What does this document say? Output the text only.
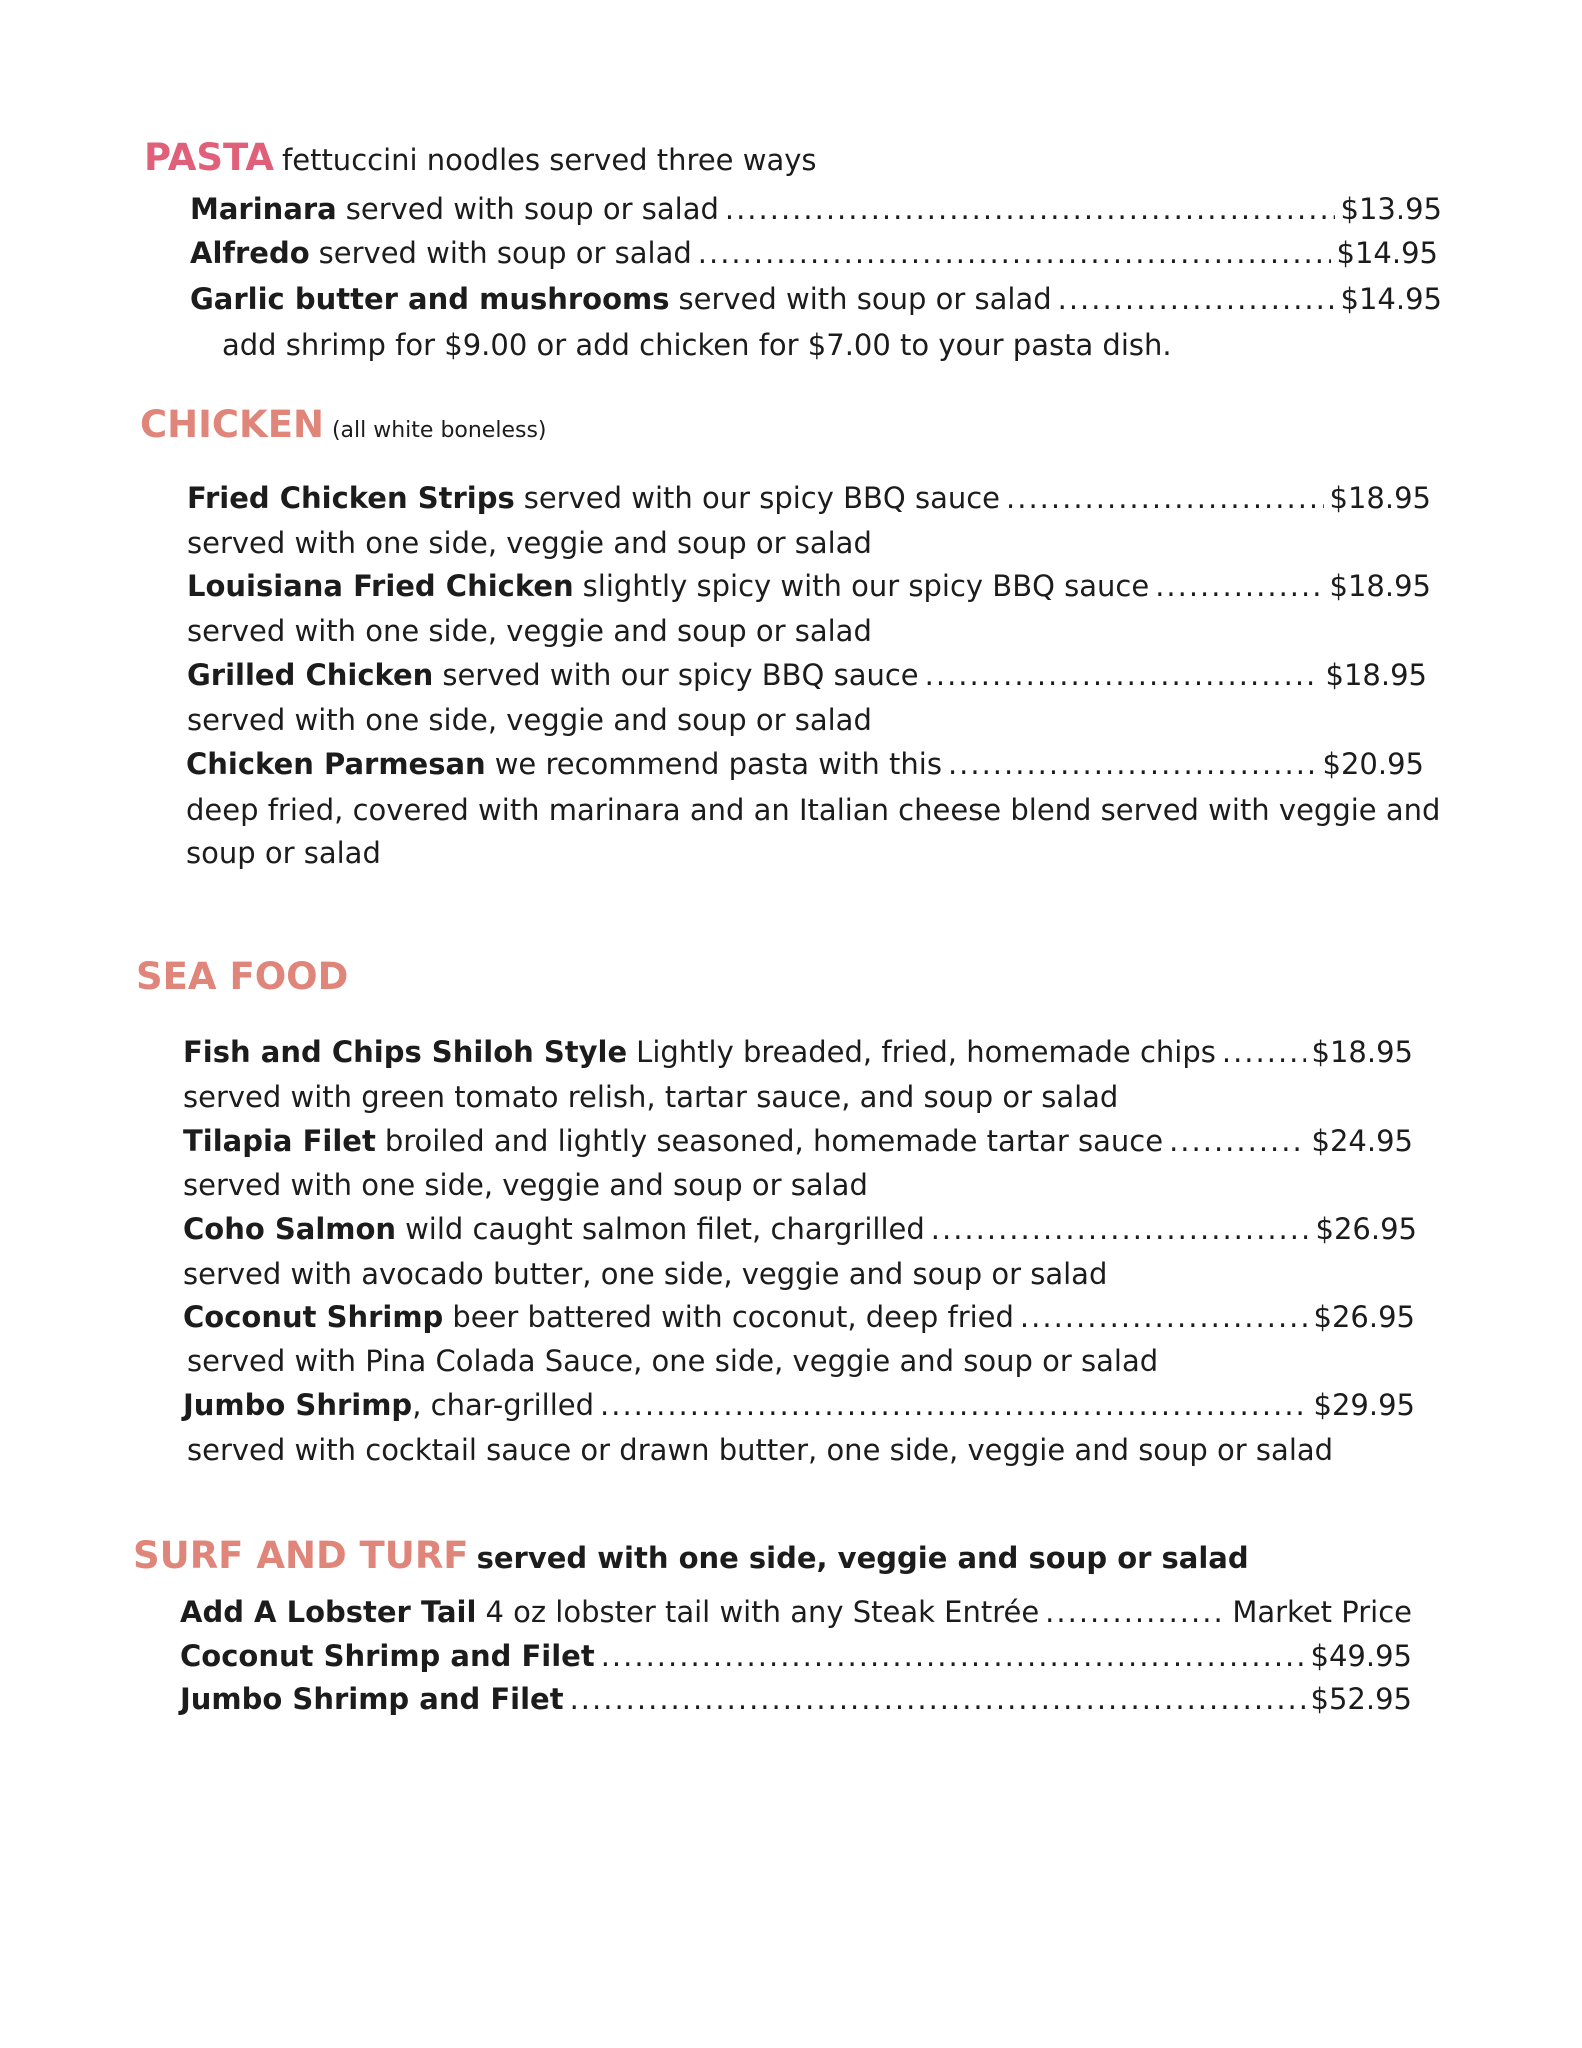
PASTA fettuccini noodles served three ways
Marinara served with soup or salad .....	$13.95
Alfredo served with soup or salad .....	$14.95
Garlic butter and mushrooms served with soup or salad .....	$14.95
add shrimp for $9.00 or add chicken for $7.00 to your pasta dish.
CHICKEN (all white boneless)
Fried Chicken Strips served with our spicy BBQ sauce .....	$18.95
served with one side, veggie and soup or salad
Louisiana Fried Chicken slightly spicy with our spicy BBQ sauce .....	$18.95
served with one side, veggie and soup or salad
Grilled Chicken served with our spicy BBQ sauce .....	$18.95
served with one side, veggie and soup or salad
Chicken Parmesan we recommend pasta with this .....	$20.95
deep fried, covered with marinara and an Italian cheese blend served with veggie and
soup or salad
SEA FOOD
Fish and Chips Shiloh Style Lightly breaded, fried, homemade chips .....	$18.95
served with green tomato relish, tartar sauce, and soup or salad
Tilapia Filet broiled and lightly seasoned, homemade tartar sauce .....	$24.95
served with one side, veggie and soup or salad
Coho Salmon wild caught salmon filet, chargrilled .....	$26.95
served with avocado butter, one side, veggie and soup or salad
Coconut Shrimp beer battered with coconut, deep fried .....	$26.95
served with Pina Colada Sauce, one side, veggie and soup or salad
Jumbo Shrimp , char-grilled .....	$29.95
served with cocktail sauce or drawn butter, one side, veggie and soup or salad
SURF AND TURF served with one side, veggie and soup or salad
Add A Lobster Tail 4 oz lobster tail with any Steak Entrée .....	Market Price
Coconut Shrimp and Filet .....	$49.95
Jumbo Shrimp and Filet .....	$52.95
